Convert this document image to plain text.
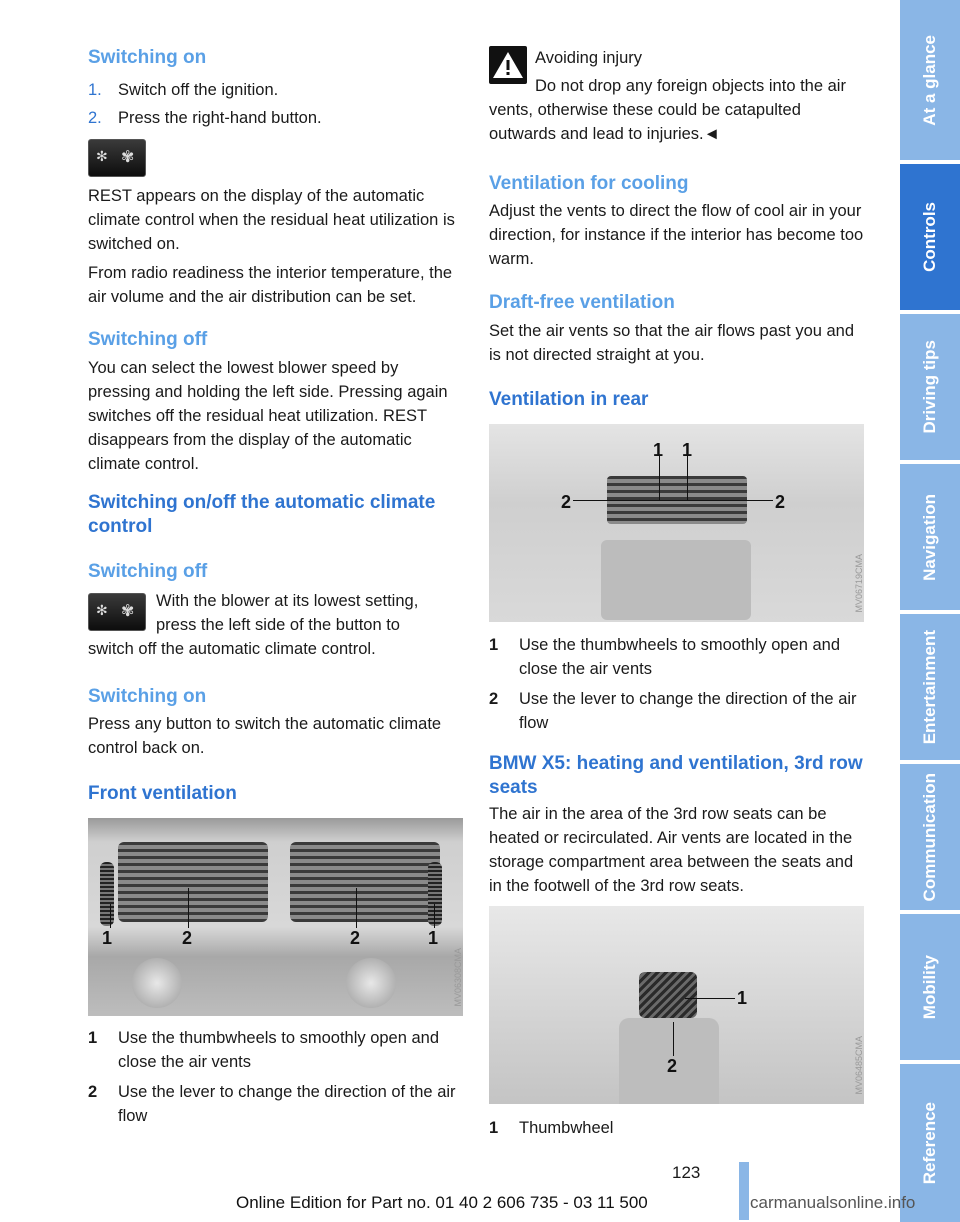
Switching on
1. Switch off the ignition.
2. Press the right-hand button.
✻ ✾

REST appears on the display of the automatic climate control when the residual heat utilization is switched on.

From radio readiness the interior temperature, the air volume and the air distribution can be set.

Switching off

You can select the lowest blower speed by pressing and holding the left side. Pressing again switches off the residual heat utilization. REST disappears from the display of the automatic climate control.

Switching on/off the automatic climate control
Switching off
✻ ✾

With the blower at its lowest setting,

press the left side of the button to

switch off the automatic climate control.

Switching on

Press any button to switch the automatic climate control back on.

Front ventilation
1	2	2	1
MV06308CMA
1	Use the thumbwheels to smoothly open and close the air vents
2	Use the lever to change the direction of the air flow

Avoiding injury

Do not drop any foreign objects into the air vents, otherwise these could be catapulted outwards and lead to injuries.◄

Ventilation for cooling

Adjust the vents to direct the flow of cool air in your direction, for instance if the interior has become too warm.

Draft-free ventilation

Set the air vents so that the air flows past you and is not directed straight at you.

Ventilation in rear
1 1
2	2
MV06719CMA
1	Use the thumbwheels to smoothly open and close the air vents
2	Use the lever to change the direction of the air flow
BMW X5: heating and ventilation, 3rd row seats

The air in the area of the 3rd row seats can be heated or recirculated. Air vents are located in the storage compartment area between the seats and in the footwell of the 3rd row seats.

1
2	MV06485CMA
1	Thumbwheel
At a glance
Controls
Driving tips
Navigation
Entertainment
Communication
Mobility
Reference
123
Online Edition for Part no. 01 40 2 606 735 - 03 11 500	carmanualsonline.info
